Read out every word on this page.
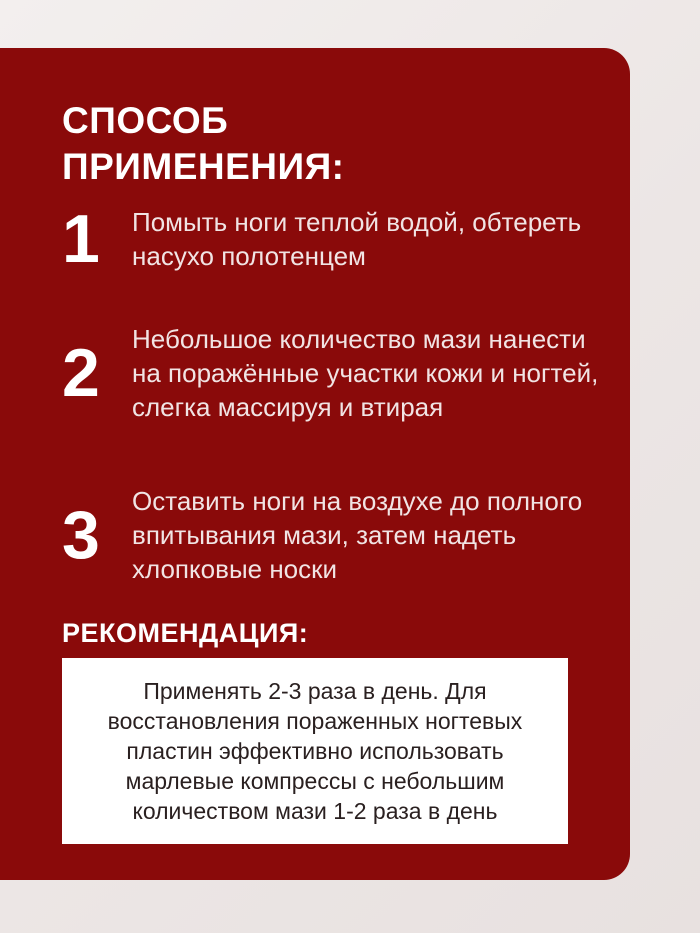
СПОСОБ
ПРИМЕНЕНИЯ:
1	Помыть ноги теплой водой, обтереть насухо полотенцем

2	Небольшое количество мази нанести на поражённые участки кожи и ногтей, слегка массируя и втирая

3	Оставить ноги на воздухе до полного впитывания мази, затем надеть хлопковые носки

РЕКОМЕНДАЦИЯ:

Применять 2-3 раза в день. Для восстановления пораженных ногтевых пластин эффективно использовать марлевые компрессы с небольшим количеством мази 1-2 раза в день
